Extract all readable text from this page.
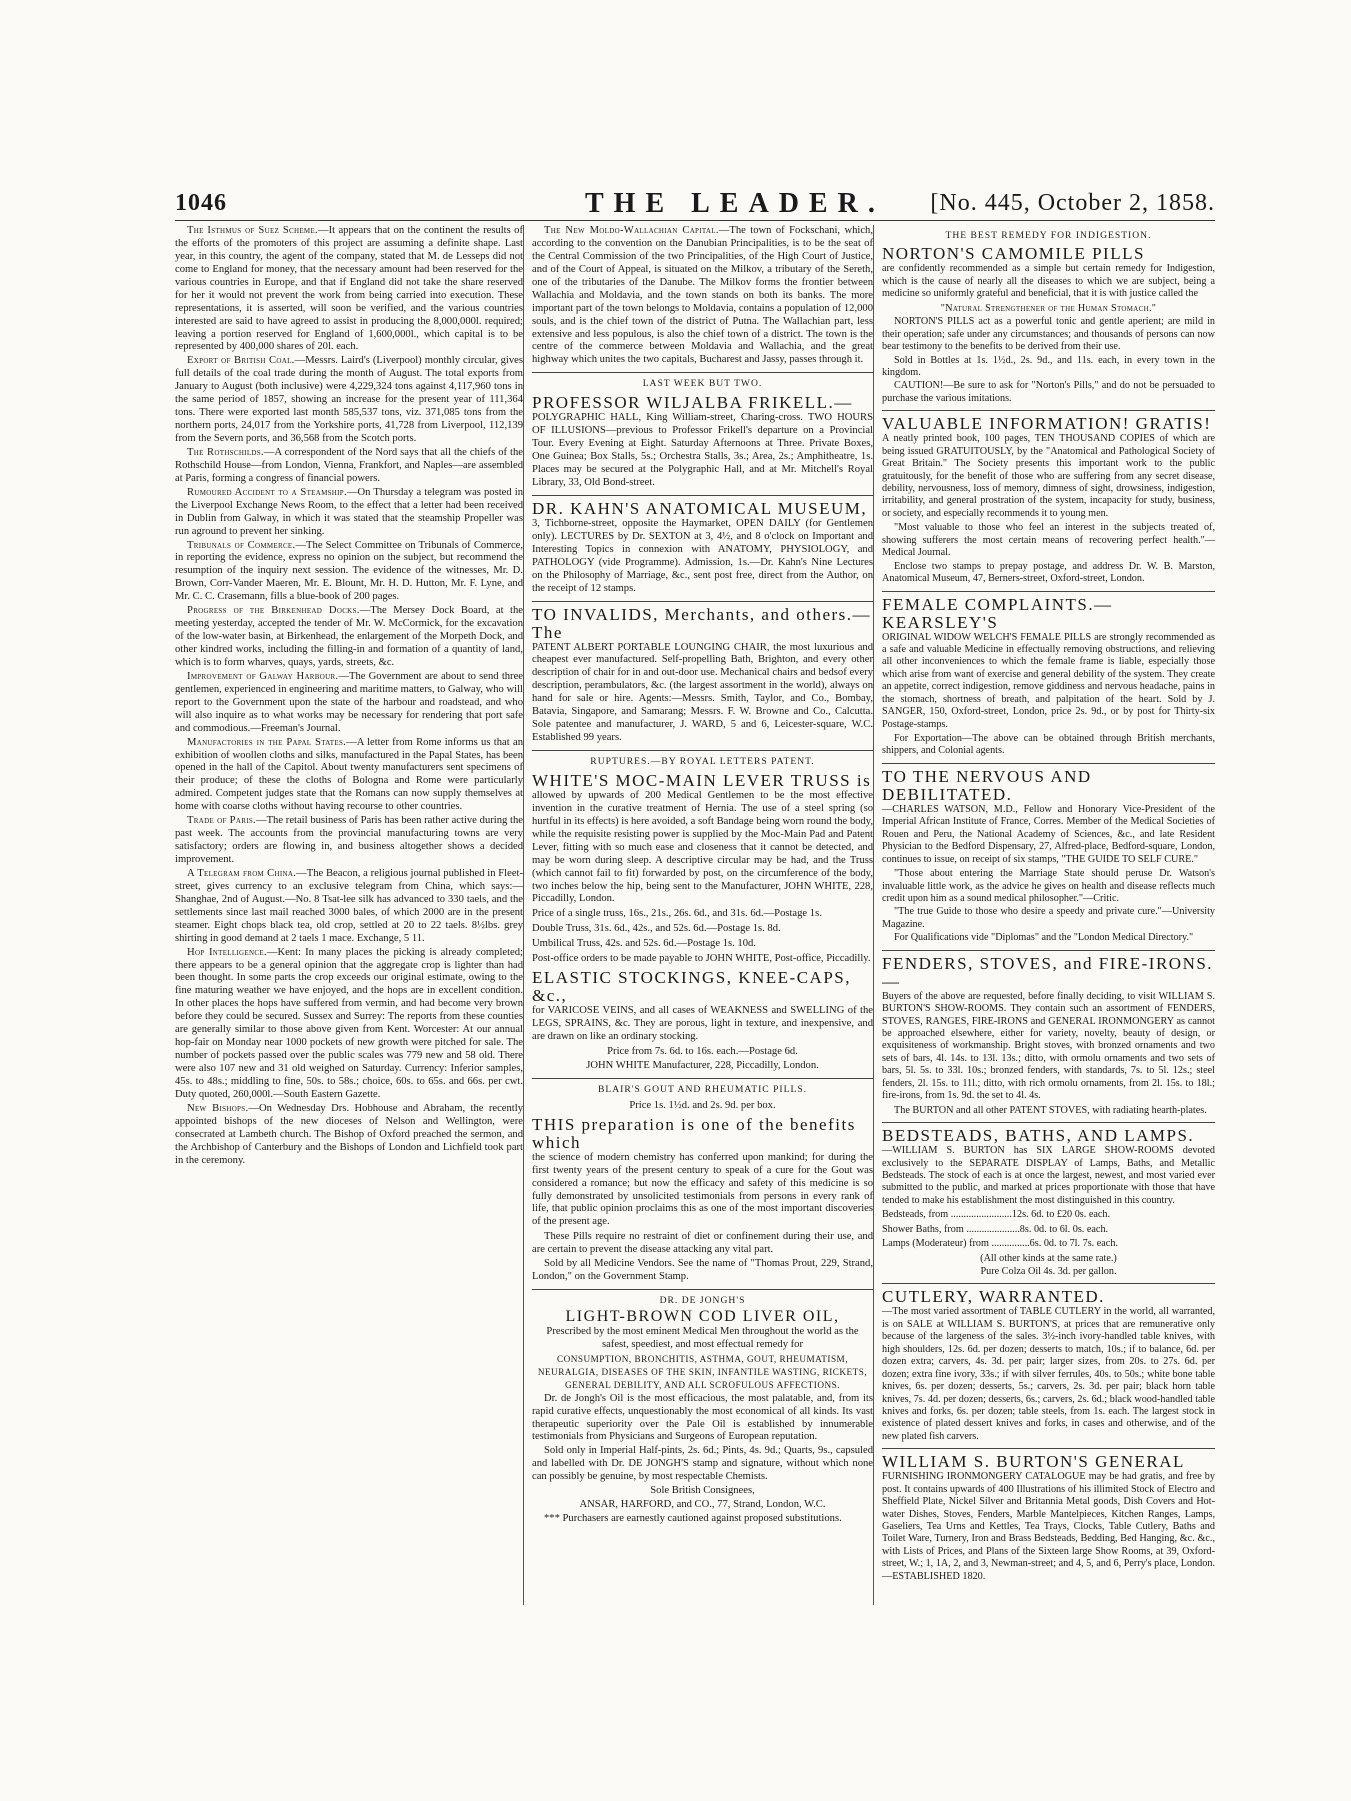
1046	THE LEADER. [No. 445, October 2, 1858.

The Isthmus of Suez Scheme.—It appears that on the continent the results of the efforts of the promoters of this project are assuming a definite shape. Last year, in this country, the agent of the company, stated that M. de Lesseps did not come to England for money, that the necessary amount had been reserved for the various countries in Europe, and that if England did not take the share reserved for her it would not prevent the work from being carried into execution. These representations, it is asserted, will soon be verified, and the various countries interested are said to have agreed to assist in producing the 8,000,000l. required; leaving a portion reserved for England of 1,600,000l., which capital is to be represented by 400,000 shares of 20l. each.

Export of British Coal.—Messrs. Laird's (Liverpool) monthly circular, gives full details of the coal trade during the month of August. The total exports from January to August (both inclusive) were 4,229,324 tons against 4,117,960 tons in the same period of 1857, showing an increase for the present year of 111,364 tons. There were exported last month 585,537 tons, viz. 371,085 tons from the northern ports, 24,017 from the Yorkshire ports, 41,728 from Liverpool, 112,139 from the Severn ports, and 36,568 from the Scotch ports.

The Rothschilds.—A correspondent of the Nord says that all the chiefs of the Rothschild House—from London, Vienna, Frankfort, and Naples—are assembled at Paris, forming a congress of financial powers.

Rumoured Accident to a Steamship.—On Thursday a telegram was posted in the Liverpool Exchange News Room, to the effect that a letter had been received in Dublin from Galway, in which it was stated that the steamship Propeller was run aground to prevent her sinking.

Tribunals of Commerce.—The Select Committee on Tribunals of Commerce, in reporting the evidence, express no opinion on the subject, but recommend the resumption of the inquiry next session. The evidence of the witnesses, Mr. D. Brown, Corr-Vander Maeren, Mr. E. Blount, Mr. H. D. Hutton, Mr. F. Lyne, and Mr. C. C. Crasemann, fills a blue-book of 200 pages.

Progress of the Birkenhead Docks.—The Mersey Dock Board, at the meeting yesterday, accepted the tender of Mr. W. McCormick, for the excavation of the low-water basin, at Birkenhead, the enlargement of the Morpeth Dock, and other kindred works, including the filling-in and formation of a quantity of land, which is to form wharves, quays, yards, streets, &c.

Improvement of Galway Harbour.—The Government are about to send three gentlemen, experienced in engineering and maritime matters, to Galway, who will report to the Government upon the state of the harbour and roadstead, and who will also inquire as to what works may be necessary for rendering that port safe and commodious.—Freeman's Journal.

Manufactories in the Papal States.—A letter from Rome informs us that an exhibition of woollen cloths and silks, manufactured in the Papal States, has been opened in the hall of the Capitol. About twenty manufacturers sent specimens of their produce; of these the cloths of Bologna and Rome were particularly admired. Competent judges state that the Romans can now supply themselves at home with coarse cloths without having recourse to other countries.

Trade of Paris.—The retail business of Paris has been rather active during the past week. The accounts from the provincial manufacturing towns are very satisfactory; orders are flowing in, and business altogether shows a decided improvement.

A Telegram from China.—The Beacon, a religious journal published in Fleet-street, gives currency to an exclusive telegram from China, which says:—Shanghae, 2nd of August.—No. 8 Tsat-lee silk has advanced to 330 taels, and the settlements since last mail reached 3000 bales, of which 2000 are in the present steamer. Eight chops black tea, old crop, settled at 20 to 22 taels. 8½lbs. grey shirting in good demand at 2 taels 1 mace. Exchange, 5 11.

Hop Intelligence.—Kent: In many places the picking is already completed; there appears to be a general opinion that the aggregate crop is lighter than had been thought. In some parts the crop exceeds our original estimate, owing to the fine maturing weather we have enjoyed, and the hops are in excellent condition. In other places the hops have suffered from vermin, and had become very brown before they could be secured. Sussex and Surrey: The reports from these counties are generally similar to those above given from Kent. Worcester: At our annual hop-fair on Monday near 1000 pockets of new growth were pitched for sale. The number of pockets passed over the public scales was 779 new and 58 old. There were also 107 new and 31 old weighed on Saturday. Currency: Inferior samples, 45s. to 48s.; middling to fine, 50s. to 58s.; choice, 60s. to 65s. and 66s. per cwt. Duty quoted, 260,000l.—South Eastern Gazette.

New Bishops.—On Wednesday Drs. Hobhouse and Abraham, the recently appointed bishops of the new dioceses of Nelson and Wellington, were consecrated at Lambeth church. The Bishop of Oxford preached the sermon, and the Archbishop of Canterbury and the Bishops of London and Lichfield took part in the ceremony.

The New Moldo-Wallachian Capital.—The town of Fockschani, which, according to the convention on the Danubian Principalities, is to be the seat of the Central Commission of the two Principalities, of the High Court of Justice, and of the Court of Appeal, is situated on the Milkov, a tributary of the Sereth, one of the tributaries of the Danube. The Milkov forms the frontier between Wallachia and Moldavia, and the town stands on both its banks. The more important part of the town belongs to Moldavia, contains a population of 12,000 souls, and is the chief town of the district of Putna. The Wallachian part, less extensive and less populous, is also the chief town of a district. The town is the centre of the commerce between Moldavia and Wallachia, and the great highway which unites the two capitals, Bucharest and Jassy, passes through it.

LAST WEEK BUT TWO.
PROFESSOR WILJALBA FRIKELL.—

POLYGRAPHIC HALL, King William-street, Charing-cross. TWO HOURS OF ILLUSIONS—previous to Professor Frikell's departure on a Provincial Tour. Every Evening at Eight. Saturday Afternoons at Three. Private Boxes, One Guinea; Box Stalls, 5s.; Orchestra Stalls, 3s.; Area, 2s.; Amphitheatre, 1s. Places may be secured at the Polygraphic Hall, and at Mr. Mitchell's Royal Library, 33, Old Bond-street.

DR. KAHN'S ANATOMICAL MUSEUM,

3, Tichborne-street, opposite the Haymarket, OPEN DAILY (for Gentlemen only). LECTURES by Dr. SEXTON at 3, 4½, and 8 o'clock on Important and Interesting Topics in connexion with ANATOMY, PHYSIOLOGY, and PATHOLOGY (vide Programme). Admission, 1s.—Dr. Kahn's Nine Lectures on the Philosophy of Marriage, &c., sent post free, direct from the Author, on the receipt of 12 stamps.

TO INVALIDS, Merchants, and others.—The

PATENT ALBERT PORTABLE LOUNGING CHAIR, the most luxurious and cheapest ever manufactured. Self-propelling Bath, Brighton, and every other description of chair for in and out-door use. Mechanical chairs and bedsof every description, perambulators, &c. (the largest assortment in the world), always on hand for sale or hire. Agents:—Messrs. Smith, Taylor, and Co., Bombay, Batavia, Singapore, and Samarang; Messrs. F. W. Browne and Co., Calcutta. Sole patentee and manufacturer, J. WARD, 5 and 6, Leicester-square, W.C. Established 99 years.

RUPTURES.—BY ROYAL LETTERS PATENT.
WHITE'S MOC-MAIN LEVER TRUSS is

allowed by upwards of 200 Medical Gentlemen to be the most effective invention in the curative treatment of Hernia. The use of a steel spring (so hurtful in its effects) is here avoided, a soft Bandage being worn round the body, while the requisite resisting power is supplied by the Moc-Main Pad and Patent Lever, fitting with so much ease and closeness that it cannot be detected, and may be worn during sleep. A descriptive circular may be had, and the Truss (which cannot fail to fit) forwarded by post, on the circumference of the body, two inches below the hip, being sent to the Manufacturer, JOHN WHITE, 228, Piccadilly, London.

Price of a single truss, 16s., 21s., 26s. 6d., and 31s. 6d.—Postage 1s.

Double Truss, 31s. 6d., 42s., and 52s. 6d.—Postage 1s. 8d.

Umbilical Truss, 42s. and 52s. 6d.—Postage 1s. 10d.

Post-office orders to be made payable to JOHN WHITE, Post-office, Piccadilly.

ELASTIC STOCKINGS, KNEE-CAPS, &c.,

for VARICOSE VEINS, and all cases of WEAKNESS and SWELLING of the LEGS, SPRAINS, &c. They are porous, light in texture, and inexpensive, and are drawn on like an ordinary stocking.

Price from 7s. 6d. to 16s. each.—Postage 6d.

JOHN WHITE Manufacturer, 228, Piccadilly, London.

BLAIR'S GOUT AND RHEUMATIC PILLS.

Price 1s. 1½d. and 2s. 9d. per box.

THIS preparation is one of the benefits which

the science of modern chemistry has conferred upon mankind; for during the first twenty years of the present century to speak of a cure for the Gout was considered a romance; but now the efficacy and safety of this medicine is so fully demonstrated by unsolicited testimonials from persons in every rank of life, that public opinion proclaims this as one of the most important discoveries of the present age.

These Pills require no restraint of diet or confinement during their use, and are certain to prevent the disease attacking any vital part.

Sold by all Medicine Vendors. See the name of "Thomas Prout, 229, Strand, London," on the Government Stamp.

DR. DE JONGH'S
LIGHT-BROWN COD LIVER OIL,

Prescribed by the most eminent Medical Men throughout the world as the safest, speediest, and most effectual remedy for

CONSUMPTION, BRONCHITIS, ASTHMA, GOUT, RHEUMATISM, NEURALGIA, DISEASES OF THE SKIN, INFANTILE WASTING, RICKETS, GENERAL DEBILITY, AND ALL SCROFULOUS AFFECTIONS.

Dr. de Jongh's Oil is the most efficacious, the most palatable, and, from its rapid curative effects, unquestionably the most economical of all kinds. Its vast therapeutic superiority over the Pale Oil is established by innumerable testimonials from Physicians and Surgeons of European reputation.

Sold only in Imperial Half-pints, 2s. 6d.; Pints, 4s. 9d.; Quarts, 9s., capsuled and labelled with Dr. DE JONGH'S stamp and signature, without which none can possibly be genuine, by most respectable Chemists.

Sole British Consignees,

ANSAR, HARFORD, and CO., 77, Strand, London, W.C.

*** Purchasers are earnestly cautioned against proposed substitutions.

THE BEST REMEDY FOR INDIGESTION.
NORTON'S CAMOMILE PILLS

are confidently recommended as a simple but certain remedy for Indigestion, which is the cause of nearly all the diseases to which we are subject, being a medicine so uniformly grateful and beneficial, that it is with justice called the

"Natural Strengthener of the Human Stomach."

NORTON'S PILLS act as a powerful tonic and gentle aperient; are mild in their operation; safe under any circumstances; and thousands of persons can now bear testimony to the benefits to be derived from their use.

Sold in Bottles at 1s. 1½d., 2s. 9d., and 11s. each, in every town in the kingdom.

CAUTION!—Be sure to ask for "Norton's Pills," and do not be persuaded to purchase the various imitations.

VALUABLE INFORMATION! GRATIS!

A neatly printed book, 100 pages, TEN THOUSAND COPIES of which are being issued GRATUITOUSLY, by the "Anatomical and Pathological Society of Great Britain." The Society presents this important work to the public gratuitously, for the benefit of those who are suffering from any secret disease, debility, nervousness, loss of memory, dimness of sight, drowsiness, indigestion, irritability, and general prostration of the system, incapacity for study, business, or society, and especially recommends it to young men.

"Most valuable to those who feel an interest in the subjects treated of, showing sufferers the most certain means of recovering perfect health."—Medical Journal.

Enclose two stamps to prepay postage, and address Dr. W. B. Marston, Anatomical Museum, 47, Berners-street, Oxford-street, London.

FEMALE COMPLAINTS.—KEARSLEY'S

ORIGINAL WIDOW WELCH'S FEMALE PILLS are strongly recommended as a safe and valuable Medicine in effectually removing obstructions, and relieving all other inconveniences to which the female frame is liable, especially those which arise from want of exercise and general debility of the system. They create an appetite, correct indigestion, remove giddiness and nervous headache, pains in the stomach, shortness of breath, and palpitation of the heart. Sold by J. SANGER, 150, Oxford-street, London, price 2s. 9d., or by post for Thirty-six Postage-stamps.

For Exportation—The above can be obtained through British merchants, shippers, and Colonial agents.

TO THE NERVOUS AND DEBILITATED.

—CHARLES WATSON, M.D., Fellow and Honorary Vice-President of the Imperial African Institute of France, Corres. Member of the Medical Societies of Rouen and Peru, the National Academy of Sciences, &c., and late Resident Physician to the Bedford Dispensary, 27, Alfred-place, Bedford-square, London, continues to issue, on receipt of six stamps, "THE GUIDE TO SELF CURE."

"Those about entering the Marriage State should peruse Dr. Watson's invaluable little work, as the advice he gives on health and disease reflects much credit upon him as a sound medical philosopher."—Critic.

"The true Guide to those who desire a speedy and private cure."—University Magazine.

For Qualifications vide "Diplomas" and the "London Medical Directory."

FENDERS, STOVES, and FIRE-IRONS.—

Buyers of the above are requested, before finally deciding, to visit WILLIAM S. BURTON'S SHOW-ROOMS. They contain such an assortment of FENDERS, STOVES, RANGES, FIRE-IRONS and GENERAL IRONMONGERY as cannot be approached elsewhere, either for variety, novelty, beauty of design, or exquisiteness of workmanship. Bright stoves, with bronzed ornaments and two sets of bars, 4l. 14s. to 13l. 13s.; ditto, with ormolu ornaments and two sets of bars, 5l. 5s. to 33l. 10s.; bronzed fenders, with standards, 7s. to 5l. 12s.; steel fenders, 2l. 15s. to 11l.; ditto, with rich ormolu ornaments, from 2l. 15s. to 18l.; fire-irons, from 1s. 9d. the set to 4l. 4s.

The BURTON and all other PATENT STOVES, with radiating hearth-plates.

BEDSTEADS, BATHS, AND LAMPS.

—WILLIAM S. BURTON has SIX LARGE SHOW-ROOMS devoted exclusively to the SEPARATE DISPLAY of Lamps, Baths, and Metallic Bedsteads. The stock of each is at once the largest, newest, and most varied ever submitted to the public, and marked at prices proportionate with those that have tended to make his establishment the most distinguished in this country.

Bedsteads, from ........................12s. 6d. to £20 0s. each.

Shower Baths, from .....................8s. 0d. to 6l. 0s. each.

Lamps (Moderateur) from ...............6s. 0d. to 7l. 7s. each.

(All other kinds at the same rate.)

Pure Colza Oil 4s. 3d. per gallon.

CUTLERY, WARRANTED.

—The most varied assortment of TABLE CUTLERY in the world, all warranted, is on SALE at WILLIAM S. BURTON'S, at prices that are remunerative only because of the largeness of the sales. 3½-inch ivory-handled table knives, with high shoulders, 12s. 6d. per dozen; desserts to match, 10s.; if to balance, 6d. per dozen extra; carvers, 4s. 3d. per pair; larger sizes, from 20s. to 27s. 6d. per dozen; extra fine ivory, 33s.; if with silver ferrules, 40s. to 50s.; white bone table knives, 6s. per dozen; desserts, 5s.; carvers, 2s. 3d. per pair; black horn table knives, 7s. 4d. per dozen; desserts, 6s.; carvers, 2s. 6d.; black wood-handled table knives and forks, 6s. per dozen; table steels, from 1s. each. The largest stock in existence of plated dessert knives and forks, in cases and otherwise, and of the new plated fish carvers.

WILLIAM S. BURTON'S GENERAL

FURNISHING IRONMONGERY CATALOGUE may be had gratis, and free by post. It contains upwards of 400 Illustrations of his illimited Stock of Electro and Sheffield Plate, Nickel Silver and Britannia Metal goods, Dish Covers and Hot-water Dishes, Stoves, Fenders, Marble Mantelpieces, Kitchen Ranges, Lamps, Gaseliers, Tea Urns and Kettles, Tea Trays, Clocks, Table Cutlery, Baths and Toilet Ware, Turnery, Iron and Brass Bedsteads, Bedding, Bed Hanging, &c. &c., with Lists of Prices, and Plans of the Sixteen large Show Rooms, at 39, Oxford-street, W.; 1, 1A, 2, and 3, Newman-street; and 4, 5, and 6, Perry's place, London.—ESTABLISHED 1820.
